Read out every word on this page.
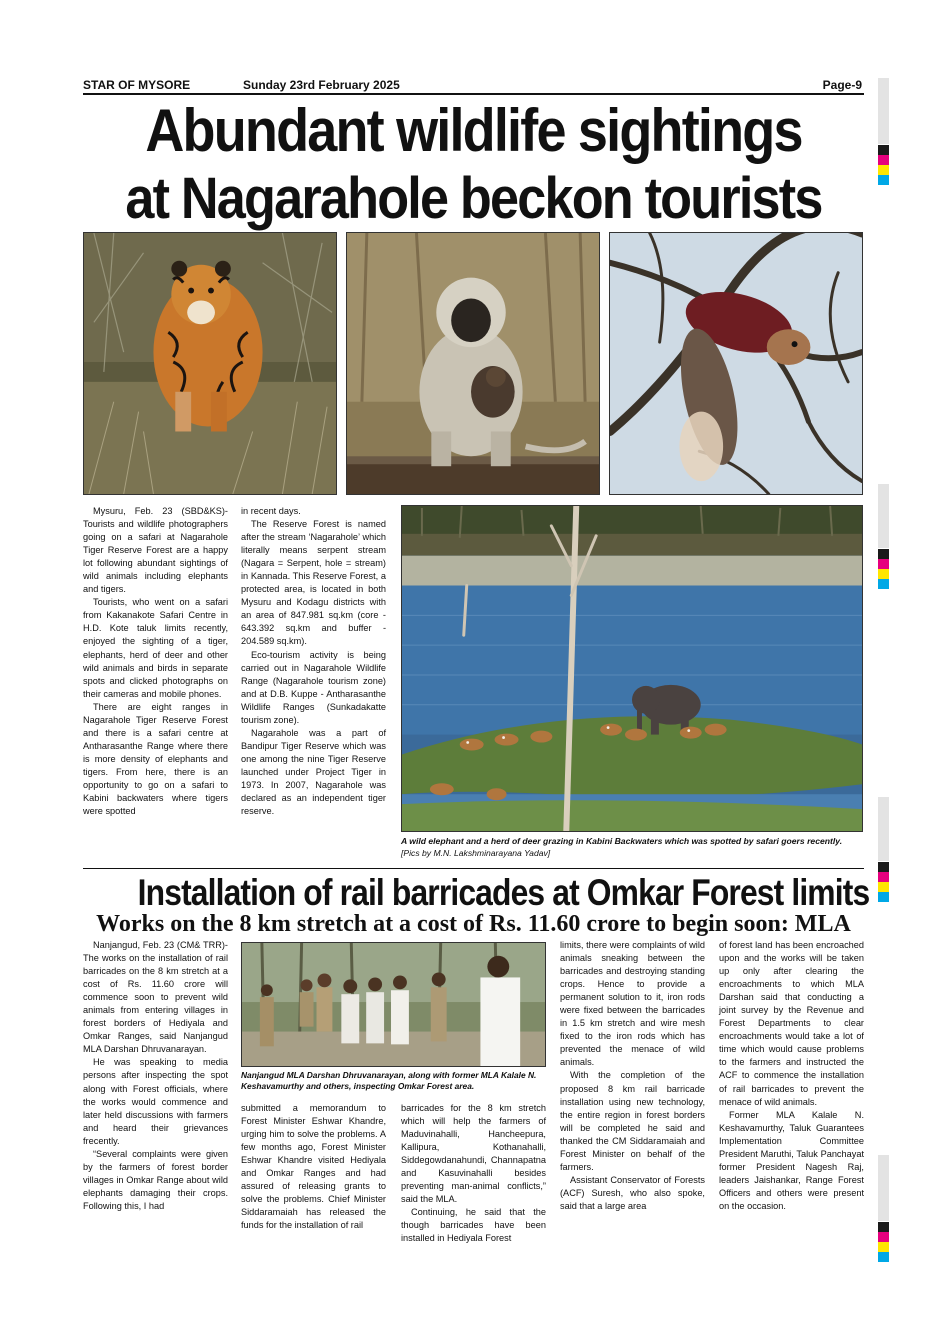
STAR OF MYSORE	Sunday 23rd February 2025	Page-9
Abundant wildlife sightings
at Nagarahole beckon tourists

Mysuru, Feb. 23 (SBD&KS)-Tourists and wildlife photographers going on a safari at Nagarahole Tiger Reserve Forest are a happy lot following abundant sightings of wild animals including elephants and tigers.

Tourists, who went on a safari from Kakanakote Safari Centre in H.D. Kote taluk limits recently, enjoyed the sighting of a tiger, elephants, herd of deer and other wild animals and birds in separate spots and clicked photographs on their cameras and mobile phones.

There are eight ranges in Nagarahole Tiger Reserve Forest and there is a safari centre at Antharasanthe Range where there is more density of elephants and tigers. From here, there is an opportunity to go on a safari to Kabini backwaters where tigers were spotted

in recent days.

The Reserve Forest is named after the stream ‘Nagarahole’ which literally means serpent stream (Nagara = Serpent, hole = stream) in Kannada. This Reserve Forest, a protected area, is located in both Mysuru and Kodagu districts with an area of 847.981 sq.km (core - 643.392 sq.km and buffer - 204.589 sq.km).

Eco-tourism activity is being carried out in Nagarahole Wildlife Range (Nagarahole tourism zone) and at D.B. Kuppe - Antharasanthe Wildlife Ranges (Sunkadakatte tourism zone).

Nagarahole was a part of Bandipur Tiger Reserve which was one among the nine Tiger Reserve launched under Project Tiger in 1973. In 2007, Nagarahole was declared as an independent tiger reserve.

A wild elephant and a herd of deer grazing in Kabini Backwaters which was spotted by safari goers recently.
[Pics by M.N. Lakshminarayana Yadav]
Installation of rail barricades at Omkar Forest limits
Works on the 8 km stretch at a cost of Rs. 11.60 crore to begin soon: MLA

Nanjangud, Feb. 23 (CM& TRR)- The works on the installation of rail barricades on the 8 km stretch at a cost of Rs. 11.60 crore will commence soon to prevent wild animals from entering villages in forest borders of Hediyala and Omkar Ranges, said Nanjangud MLA Darshan Dhruvanarayan.

He was speaking to media persons after inspecting the spot along with Forest officials, where the works would commence and later held discussions with farmers and heard their grievances frecently.

“Several complaints were given by the farmers of forest border villages in Omkar Range about wild elephants damaging their crops. Following this, I had

Nanjangud MLA Darshan Dhruvanarayan, along with former MLA Kalale N. Keshavamurthy and others, inspecting Omkar Forest area.

submitted a memorandum to Forest Minister Eshwar Khandre, urging him to solve the problems. A few months ago, Forest Minister Eshwar Khandre visited Hediyala and Omkar Ranges and had assured of releasing grants to solve the problems. Chief Minister Siddaramaiah has released the funds for the installation of rail

barricades for the 8 km stretch which will help the farmers of Maduvinahalli, Hancheepura, Kallipura, Kothanahalli, Siddegowdanahundi, Channapatna and Kasuvinahalli besides preventing man-animal conflicts,” said the MLA.

Continuing, he said that the though barricades have been installed in Hediyala Forest

limits, there were complaints of wild animals sneaking between the barricades and destroying standing crops. Hence to provide a permanent solution to it, iron rods were fixed between the barricades in 1.5 km stretch and wire mesh fixed to the iron rods which has prevented the menace of wild animals.

With the completion of the proposed 8 km rail barricade installation using new technology, the entire region in forest borders will be completed he said and thanked the CM Siddaramaiah and Forest Minister on behalf of the farmers.

Assistant Conservator of Forests (ACF) Suresh, who also spoke, said that a large area

of forest land has been encroached upon and the works will be taken up only after clearing the encroachments to which MLA Darshan said that conducting a joint survey by the Revenue and Forest Departments to clear encroachments would take a lot of time which would cause problems to the farmers and instructed the ACF to commence the installation of rail barricades to prevent the menace of wild animals.

Former MLA Kalale N. Keshavamurthy, Taluk Guarantees Implementation Committee President Maruthi, Taluk Panchayat former President Nagesh Raj, leaders Jaishankar, Range Forest Officers and others were present on the occasion.
